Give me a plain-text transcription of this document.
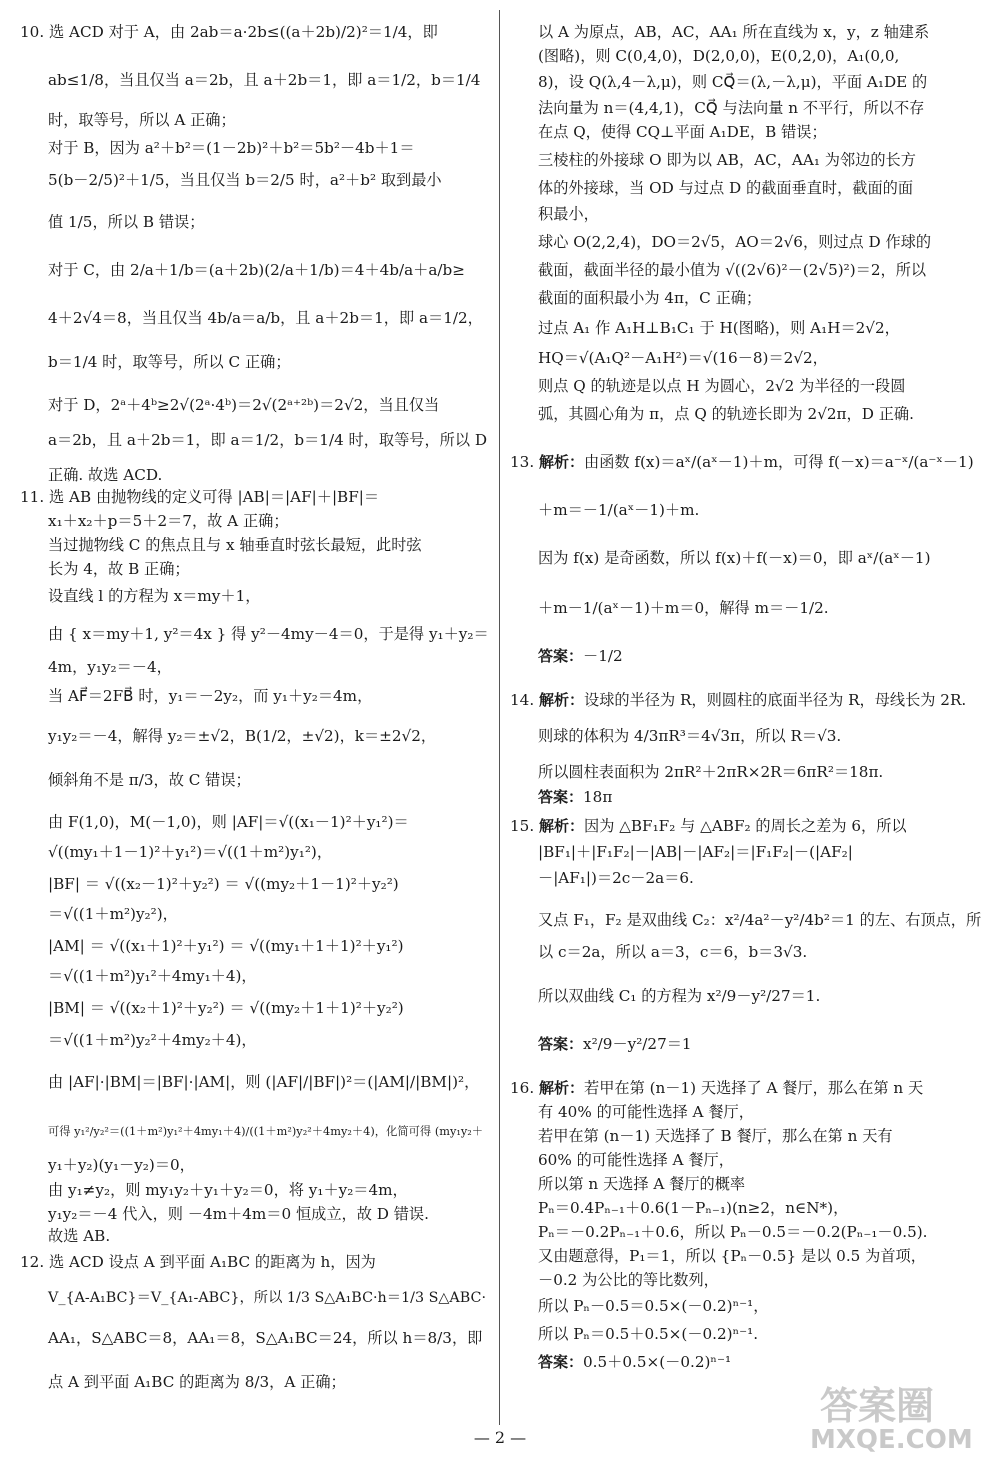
10. 选 ACD 对于 A，由 2ab＝a·2b≤((a＋2b)/2)²＝1/4，即
ab≤1/8，当且仅当 a＝2b，且 a＋2b＝1，即 a＝1/2，b＝1/4
时，取等号，所以 A 正确；
对于 B，因为 a²＋b²＝(1－2b)²＋b²＝5b²－4b＋1＝
5(b－2/5)²＋1/5，当且仅当 b＝2/5 时，a²＋b² 取到最小
值 1/5，所以 B 错误；
对于 C，由 2/a＋1/b＝(a＋2b)(2/a＋1/b)＝4＋4b/a＋a/b≥
4＋2√4＝8，当且仅当 4b/a＝a/b，且 a＋2b＝1，即 a＝1/2，
b＝1/4 时，取等号，所以 C 正确；
对于 D，2ᵃ＋4ᵇ≥2√(2ᵃ·4ᵇ)＝2√(2ᵃ⁺²ᵇ)＝2√2，当且仅当
a＝2b，且 a＋2b＝1，即 a＝1/2，b＝1/4 时，取等号，所以 D
正确. 故选 ACD.
11. 选 AB 由抛物线的定义可得 |AB|＝|AF|＋|BF|＝
x₁＋x₂＋p＝5＋2＝7，故 A 正确；
当过抛物线 C 的焦点且与 x 轴垂直时弦长最短，此时弦
长为 4，故 B 正确；
设直线 l 的方程为 x＝my＋1，
由 { x＝my＋1, y²＝4x } 得 y²－4my－4＝0，于是得 y₁＋y₂＝
4m，y₁y₂＝－4，
当 AF⃗＝2FB⃗ 时，y₁＝－2y₂，而 y₁＋y₂＝4m，
y₁y₂＝－4，解得 y₂＝±√2，B(1/2，±√2)，k＝±2√2，
倾斜角不是 π/3，故 C 错误；
由 F(1,0)，M(－1,0)，则 |AF|＝√((x₁－1)²＋y₁²)＝
√((my₁＋1－1)²＋y₁²)＝√((1＋m²)y₁²)，
|BF| ＝ √((x₂－1)²＋y₂²) ＝ √((my₂＋1－1)²＋y₂²)
＝√((1＋m²)y₂²)，
|AM| ＝ √((x₁＋1)²＋y₁²) ＝ √((my₁＋1＋1)²＋y₁²)
＝√((1＋m²)y₁²＋4my₁＋4)，
|BM| ＝ √((x₂＋1)²＋y₂²) ＝ √((my₂＋1＋1)²＋y₂²)
＝√((1＋m²)y₂²＋4my₂＋4)，
由 |AF|·|BM|＝|BF|·|AM|，则 (|AF|/|BF|)²＝(|AM|/|BM|)²，
可得 y₁²/y₂²＝((1＋m²)y₁²＋4my₁＋4)/((1＋m²)y₂²＋4my₂＋4)，化简可得 (my₁y₂＋
y₁＋y₂)(y₁－y₂)＝0，
由 y₁≠y₂，则 my₁y₂＋y₁＋y₂＝0，将 y₁＋y₂＝4m，
y₁y₂＝－4 代入，则 －4m＋4m＝0 恒成立，故 D 错误.
故选 AB.
12. 选 ACD 设点 A 到平面 A₁BC 的距离为 h，因为
V_{A-A₁BC}＝V_{A₁-ABC}，所以 1/3 S△A₁BC·h＝1/3 S△ABC·
AA₁，S△ABC＝8，AA₁＝8，S△A₁BC＝24，所以 h＝8/3，即
点 A 到平面 A₁BC 的距离为 8/3，A 正确；
以 A 为原点，AB，AC，AA₁ 所在直线为 x，y，z 轴建系
(图略)，则 C(0,4,0)，D(2,0,0)，E(0,2,0)，A₁(0,0,
8)，设 Q(λ,4－λ,μ)，则 CQ⃗＝(λ,－λ,μ)，平面 A₁DE 的
法向量为 n＝(4,4,1)，CQ⃗ 与法向量 n 不平行，所以不存
在点 Q，使得 CQ⊥平面 A₁DE，B 错误；
三棱柱的外接球 O 即为以 AB，AC，AA₁ 为邻边的长方
体的外接球，当 OD 与过点 D 的截面垂直时，截面的面
积最小，
球心 O(2,2,4)，DO＝2√5，AO＝2√6，则过点 D 作球的
截面，截面半径的最小值为 √((2√6)²－(2√5)²)＝2，所以
截面的面积最小为 4π，C 正确；
过点 A₁ 作 A₁H⊥B₁C₁ 于 H(图略)，则 A₁H＝2√2，
HQ＝√(A₁Q²－A₁H²)＝√(16－8)＝2√2，
则点 Q 的轨迹是以点 H 为圆心，2√2 为半径的一段圆
弧，其圆心角为 π，点 Q 的轨迹长即为 2√2π，D 正确.
13. 解析：由函数 f(x)＝aˣ/(aˣ－1)＋m，可得 f(－x)＝a⁻ˣ/(a⁻ˣ－1)
＋m＝－1/(aˣ－1)＋m.
因为 f(x) 是奇函数，所以 f(x)＋f(－x)＝0，即 aˣ/(aˣ－1)
＋m－1/(aˣ－1)＋m＝0，解得 m＝－1/2.
答案：－1/2
14. 解析：设球的半径为 R，则圆柱的底面半径为 R，母线长为 2R.
则球的体积为 4/3πR³＝4√3π，所以 R＝√3.
所以圆柱表面积为 2πR²＋2πR×2R＝6πR²＝18π.
答案：18π
15. 解析：因为 △BF₁F₂ 与 △ABF₂ 的周长之差为 6，所以
|BF₁|＋|F₁F₂|－|AB|－|AF₂|＝|F₁F₂|－(|AF₂|
－|AF₁|)＝2c－2a＝6.
又点 F₁，F₂ 是双曲线 C₂：x²/4a²－y²/4b²＝1 的左、右顶点，所
以 c＝2a，所以 a＝3，c＝6，b＝3√3.
所以双曲线 C₁ 的方程为 x²/9－y²/27＝1.
答案：x²/9－y²/27＝1
16. 解析：若甲在第 (n－1) 天选择了 A 餐厅，那么在第 n 天
有 40% 的可能性选择 A 餐厅，
若甲在第 (n－1) 天选择了 B 餐厅，那么在第 n 天有
60% 的可能性选择 A 餐厅，
所以第 n 天选择 A 餐厅的概率
Pₙ＝0.4Pₙ₋₁＋0.6(1－Pₙ₋₁)(n≥2，n∈N*)，
Pₙ＝－0.2Pₙ₋₁＋0.6，所以 Pₙ－0.5＝－0.2(Pₙ₋₁－0.5).
又由题意得，P₁＝1，所以 {Pₙ－0.5} 是以 0.5 为首项，
－0.2 为公比的等比数列，
所以 Pₙ－0.5＝0.5×(－0.2)ⁿ⁻¹，
所以 Pₙ＝0.5＋0.5×(－0.2)ⁿ⁻¹.
答案：0.5＋0.5×(－0.2)ⁿ⁻¹
— 2 —
答案圈
MXQE.COM
